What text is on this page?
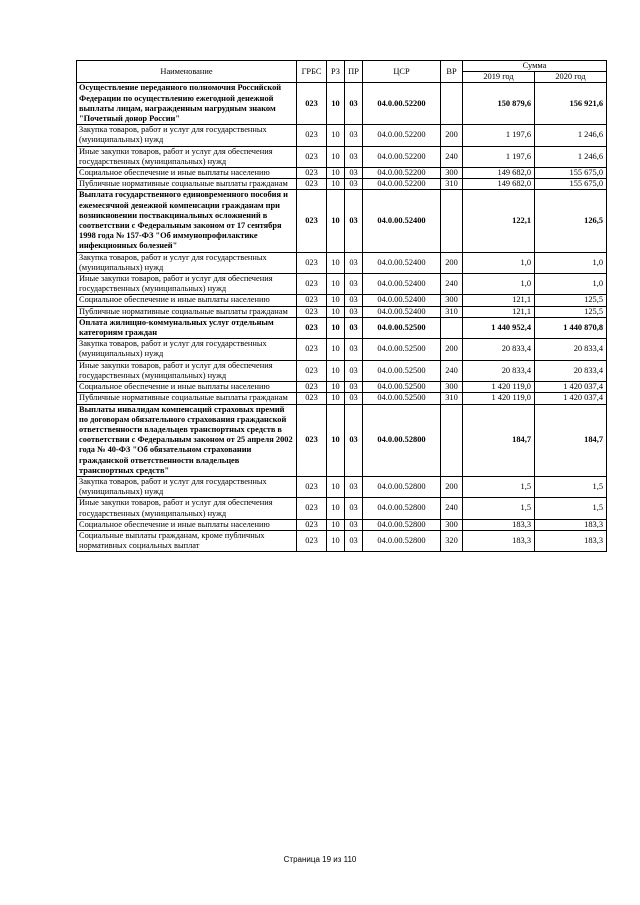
Наименование	ГРБС	РЗ	ПР	ЦСР	ВР	Сумма	
						2019 год	2020 год
Осуществление переданного полномочия Российской Федерации по осуществлению ежегодной денежной выплаты лицам, награжденным нагрудным знаком "Почетный донор России"	023	10	03	04.0.00.52200		150 879,6	156 921,6
Закупка товаров, работ и услуг для государственных (муниципальных) нужд	023	10	03	04.0.00.52200	200	1 197,6	1 246,6
Иные закупки товаров, работ и услуг для обеспечения государственных (муниципальных) нужд	023	10	03	04.0.00.52200	240	1 197,6	1 246,6
Социальное обеспечение и иные выплаты населению	023	10	03	04.0.00.52200	300	149 682,0	155 675,0
Публичные нормативные социальные выплаты гражданам	023	10	03	04.0.00.52200	310	149 682,0	155 675,0
Выплата государственного единовременного пособия и ежемесячной денежной компенсации гражданам при возникновении поствакцинальных осложнений в соответствии с Федеральным законом от 17 сентября 1998 года № 157-ФЗ "Об иммунопрофилактике инфекционных болезней"	023	10	03	04.0.00.52400		122,1	126,5
Закупка товаров, работ и услуг для государственных (муниципальных) нужд	023	10	03	04.0.00.52400	200	1,0	1,0
Иные закупки товаров, работ и услуг для обеспечения государственных (муниципальных) нужд	023	10	03	04.0.00.52400	240	1,0	1,0
Социальное обеспечение и иные выплаты населению	023	10	03	04.0.00.52400	300	121,1	125,5
Публичные нормативные социальные выплаты гражданам	023	10	03	04.0.00.52400	310	121,1	125,5
Оплата жилищно-коммунальных услуг отдельным категориям граждан	023	10	03	04.0.00.52500		1 440 952,4	1 440 870,8
Закупка товаров, работ и услуг для государственных (муниципальных) нужд	023	10	03	04.0.00.52500	200	20 833,4	20 833,4
Иные закупки товаров, работ и услуг для обеспечения государственных (муниципальных) нужд	023	10	03	04.0.00.52500	240	20 833,4	20 833,4
Социальное обеспечение и иные выплаты населению	023	10	03	04.0.00.52500	300	1 420 119,0	1 420 037,4
Публичные нормативные социальные выплаты гражданам	023	10	03	04.0.00.52500	310	1 420 119,0	1 420 037,4
Выплаты инвалидам компенсаций страховых премий по договорам обязательного страхования гражданской ответственности владельцев транспортных средств в соответствии с Федеральным законом от 25 апреля 2002 года № 40-ФЗ "Об обязательном страховании гражданской ответственности владельцев транспортных средств"	023	10	03	04.0.00.52800		184,7	184,7
Закупка товаров, работ и услуг для государственных (муниципальных) нужд	023	10	03	04.0.00.52800	200	1,5	1,5
Иные закупки товаров, работ и услуг для обеспечения государственных (муниципальных) нужд	023	10	03	04.0.00.52800	240	1,5	1,5
Социальное обеспечение и иные выплаты населению	023	10	03	04.0.00.52800	300	183,3	183,3
Социальные выплаты гражданам, кроме публичных нормативных социальных выплат	023	10	03	04.0.00.52800	320	183,3	183,3
Страница 19 из 110
